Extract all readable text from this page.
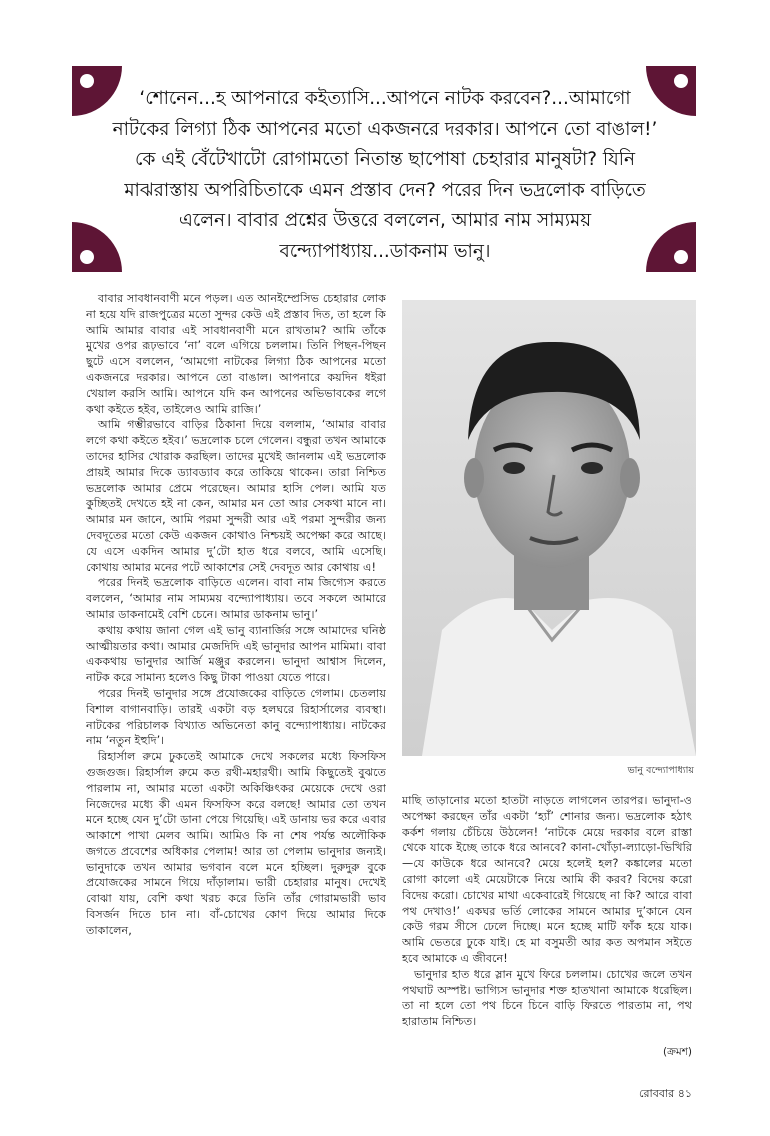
‘শোনেন...হ আপনারে কইত্যাসি...আপনে নাটক করবেন?...আমাগো নাটকের লিগ্যা ঠিক আপনের মতো একজনরে দরকার। আপনে তো বাঙাল!’ কে এই বেঁটেখাটো রোগামতো নিতান্ত ছাপোষা চেহারার মানুষটা? যিনি মাঝরাস্তায় অপরিচিতাকে এমন প্রস্তাব দেন? পরের দিন ভদ্রলোক বাড়িতে এলেন। বাবার প্রশ্নের উত্তরে বললেন, আমার নাম সাম্যময় বন্দ্যোপাধ্যায়...ডাকনাম ভানু।

বাবার সাবধানবাণী মনে পড়ল। এত আনইম্প্রেসিভ চেহারার লোক না হয়ে যদি রাজপুত্রের মতো সুন্দর কেউ এই প্রস্তাব দিত, তা হলে কি আমি আমার বাবার এই সাবধানবাণী মনে রাখতাম? আমি তাঁকে মুখের ওপর রূঢ়ভাবে ‘না’ বলে এগিয়ে চললাম। তিনি পিছন-পিছন ছুটে এসে বললেন, ‘আমগো নাটকের লিগ্যা ঠিক আপনের মতো একজনরে দরকার। আপনে তো বাঙাল। আপনারে কয়দিন ধইরা খেয়াল করসি আমি। আপনে যদি কন আপনের অভিভাবকের লগে কথা কইতে হইব, তাইলেও আমি রাজি।’

আমি গম্ভীরভাবে বাড়ির ঠিকানা দিয়ে বললাম, ‘আমার বাবার লগে কথা কইতে হইব।’ ভদ্রলোক চলে গেলেন। বন্ধুরা তখন আমাকে তাদের হাসির খোরাক করছিল। তাদের মুখেই জানলাম এই ভদ্রলোক প্রায়ই আমার দিকে ড্যাবড্যাব করে তাকিয়ে থাকেন। তারা নিশ্চিত ভদ্রলোক আমার প্রেমে পরেছেন। আমার হাসি পেল। আমি যত কুচ্ছিতই দেখতে হই না কেন, আমার মন তো আর সেকথা মানে না। আমার মন জানে, আমি পরমা সুন্দরী আর এই পরমা সুন্দরীর জন্য দেবদূতের মতো কেউ একজন কোথাও নিশ্চয়ই অপেক্ষা করে আছে। যে এসে একদিন আমার দু’টো হাত ধরে বলবে, আমি এসেছি। কোথায় আমার মনের পটে আকাশের সেই দেবদূত আর কোথায় এ!

পরের দিনই ভদ্রলোক বাড়িতে এলেন। বাবা নাম জিগ্যেস করতে বললেন, ‘আমার নাম সাম্যময় বন্দ্যোপাধ্যায়। তবে সকলে আমারে আমার ডাকনামেই বেশি চেনে। আমার ডাকনাম ভানু।’

কথায় কথায় জানা গেল এই ভানু ব্যানার্জির সঙ্গে আমাদের ঘনিষ্ঠ আত্মীয়তার কথা। আমার মেজদিদি এই ভানুদার আপন মামিমা। বাবা এককথায় ভানুদার আর্জি মঞ্জুর করলেন। ভানুদা আশ্বাস দিলেন, নাটক করে সামান্য হলেও কিছু টাকা পাওয়া যেতে পারে।

পরের দিনই ভানুদার সঙ্গে প্রযোজকের বাড়িতে গেলাম। চেতলায় বিশাল বাগানবাড়ি। তারই একটা বড় হলঘরে রিহার্সালের ব্যবস্থা। নাটকের পরিচালক বিখ্যাত অভিনেতা কানু বন্দ্যোপাধ্যায়। নাটকের নাম ‘নতুন ইহুদি’।

রিহার্সাল রুমে ঢুকতেই আমাকে দেখে সকলের মধ্যে ফিসফিস গুজগুজ। রিহার্সাল রুমে কত রথী-মহারথী। আমি কিছুতেই বুঝতে পারলাম না, আমার মতো একটা অকিঞ্চিৎকর মেয়েকে দেখে ওরা নিজেদের মধ্যে কী এমন ফিসফিস করে বলছে! আমার তো তখন মনে হচ্ছে যেন দু’টো ডানা পেয়ে গিয়েছি। এই ডানায় ভর করে এবার আকাশে পাখা মেলব আমি। আমিও কি না শেষ পর্যন্ত অলৌকিক জগতে প্রবেশের অধিকার পেলাম! আর তা পেলাম ভানুদার জন্যই। ভানুদাকে তখন আমার ভগবান বলে মনে হচ্ছিল। দুরুদুরু বুকে প্রযোজকের সামনে গিয়ে দাঁড়ালাম। ভারী চেহারার মানুষ। দেখেই বোঝা যায়, বেশি কথা খরচ করে তিনি তাঁর গোরামভারী ভাব বিসর্জন দিতে চান না। বাঁ-চোখের কোণ দিয়ে আমার দিকে তাকালেন,

ভানু বন্দ্যোপাধ্যায়

মাছি তাড়ানোর মতো হাতটা নাড়তে লাগলেন তারপর। ভানুদা-ও অপেক্ষা করছেন তাঁর একটা ‘হ্যাঁ’ শোনার জন্য। ভদ্রলোক হঠাৎ কর্কশ গলায় চেঁচিয়ে উঠলেন! ‘নাটকে মেয়ে দরকার বলে রাস্তা থেকে যাকে ইচ্ছে তাকে ধরে আনবে? কানা-খোঁড়া-ল্যাড়ো-ভিখিরি—যে কাউকে ধরে আনবে? মেয়ে হলেই হল? কঙ্কালের মতো রোগা কালো এই মেয়েটাকে নিয়ে আমি কী করব? বিদেয় করো বিদেয় করো। চোখের মাথা একেবারেই গিয়েছে না কি? আরে বাবা পথ দেখাও!’ একঘর ভর্তি লোকের সামনে আমার দু’কানে যেন কেউ গরম সীসে ঢেলে দিচ্ছে। মনে হচ্ছে মাটি ফাঁক হয়ে যাক। আমি ভেতরে ঢুকে যাই। হে মা বসুমতী আর কত অপমান সইতে হবে আমাকে এ জীবনে!

ভানুদার হাত ধরে স্লান মুখে ফিরে চললাম। চোখের জলে তখন পথঘাট অস্পষ্ট। ভাগ্যিস ভানুদার শক্ত হাতখানা আমাকে ধরেছিল। তা না হলে তো পথ চিনে চিনে বাড়ি ফিরতে পারতাম না, পথ হারাতাম নিশ্চিত।

(ক্রমশ)
রোববার ৪১
